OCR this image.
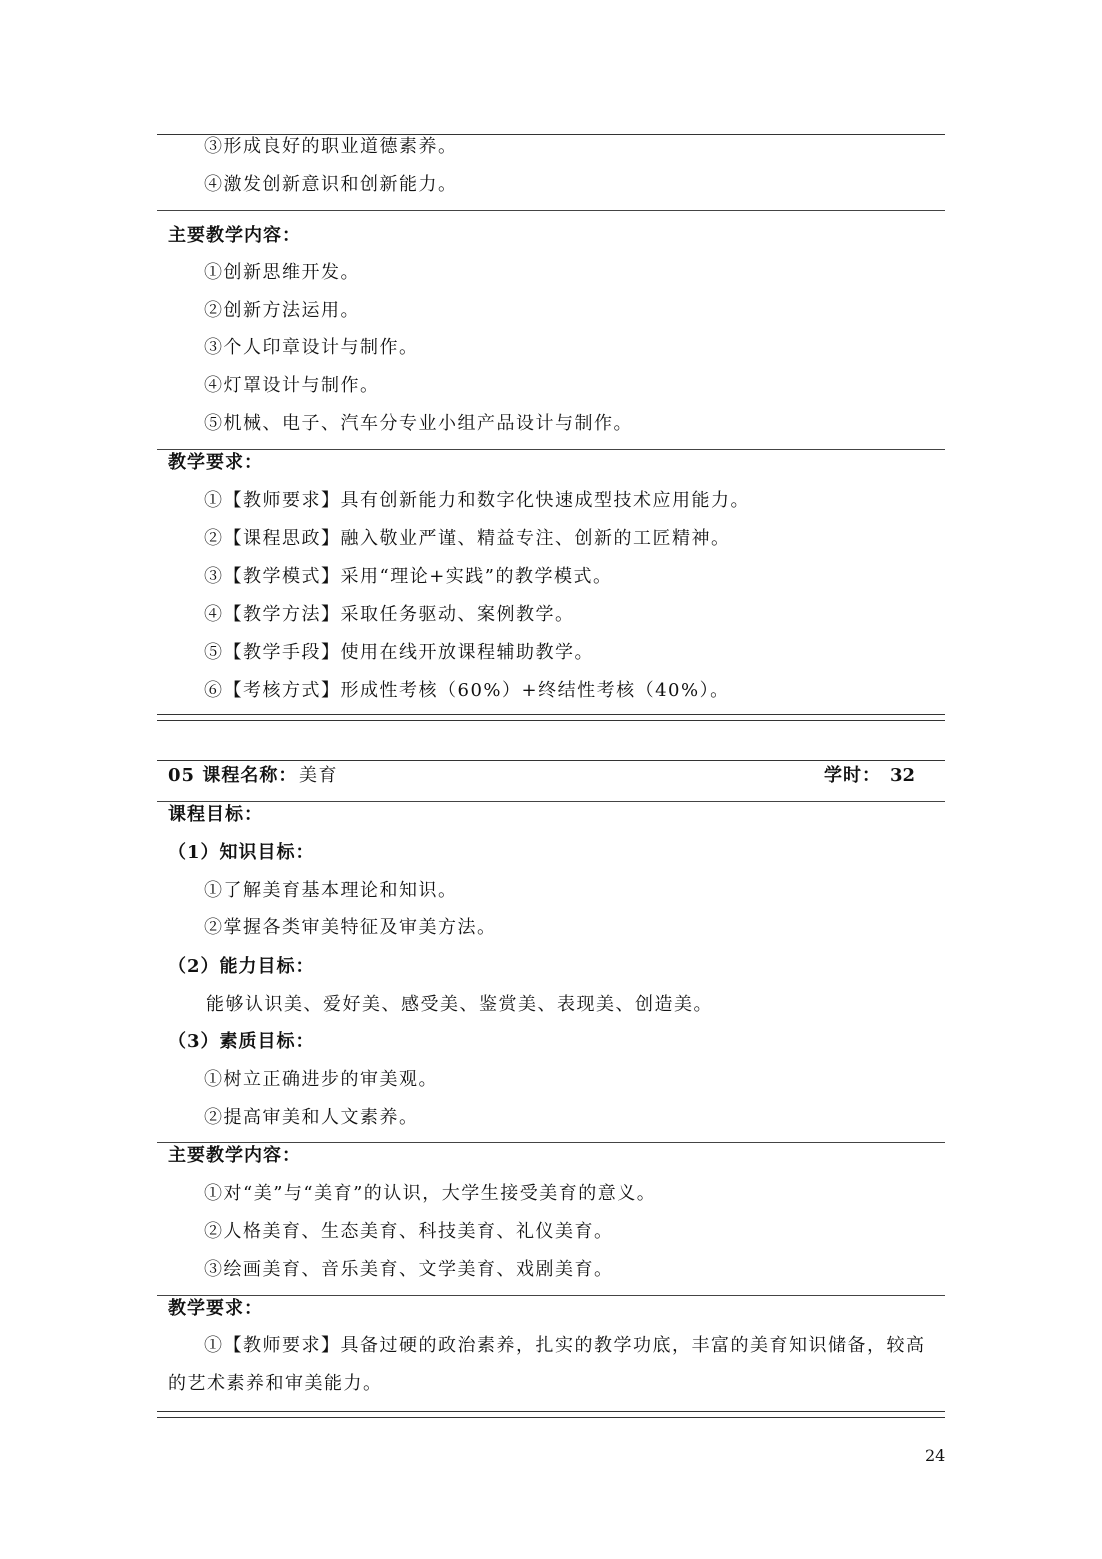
③形成良好的职业道德素养。
④激发创新意识和创新能力。
主要教学内容：
①创新思维开发。
②创新方法运用。
③个人印章设计与制作。
④灯罩设计与制作。
⑤机械、电子、汽车分专业小组产品设计与制作。
教学要求：
①【教师要求】具有创新能力和数字化快速成型技术应用能力。
②【课程思政】融入敬业严谨、精益专注、创新的工匠精神。
③【教学模式】采用“理论+实践”的教学模式。
④【教学方法】采取任务驱动、案例教学。
⑤【教学手段】使用在线开放课程辅助教学。
⑥【考核方式】形成性考核（60%）+终结性考核（40%）。
05 课程名称： 美育	学时： 32
课程目标：
（1）知识目标：
①了解美育基本理论和知识。
②掌握各类审美特征及审美方法。
（2）能力目标：
能够认识美、爱好美、感受美、鉴赏美、表现美、创造美。
（3）素质目标：
①树立正确进步的审美观。
②提高审美和人文素养。
主要教学内容：
①对“美”与“美育”的认识，大学生接受美育的意义。
②人格美育、生态美育、科技美育、礼仪美育。
③绘画美育、音乐美育、文学美育、戏剧美育。
教学要求：
①【教师要求】具备过硬的政治素养，扎实的教学功底，丰富的美育知识储备，较高的艺术素养和审美能力。
24
